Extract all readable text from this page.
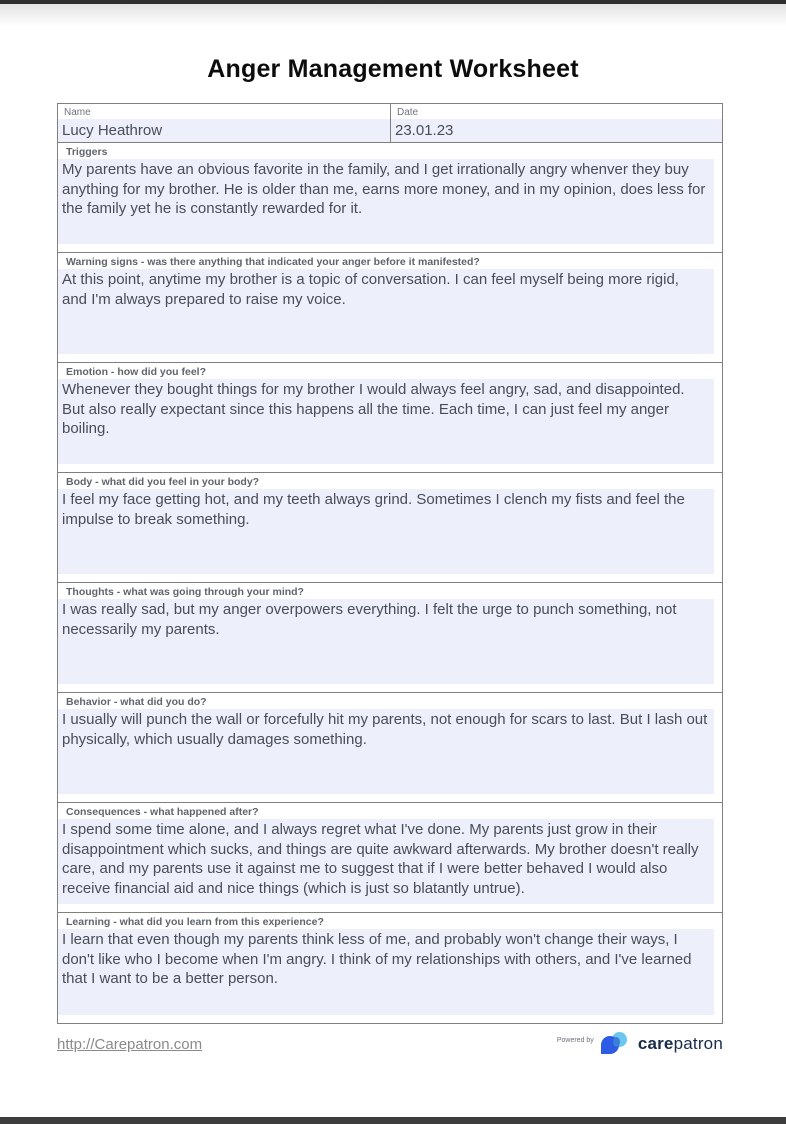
Anger Management Worksheet
Name
Lucy Heathrow
Date
23.01.23
Triggers
My parents have an obvious favorite in the family, and I get irrationally angry whenver they buy anything for my brother. He is older than me, earns more money, and in my opinion, does less for the family yet he is constantly rewarded for it.
Warning signs - was there anything that indicated your anger before it manifested?
At this point, anytime my brother is a topic of conversation. I can feel myself being more rigid, and I'm always prepared to raise my voice.
Emotion - how did you feel?
Whenever they bought things for my brother I would always feel angry, sad, and disappointed. But also really expectant since this happens all the time. Each time, I can just feel my anger boiling.
Body - what did you feel in your body?
I feel my face getting hot, and my teeth always grind. Sometimes I clench my fists and feel the impulse to break something.
Thoughts - what was going through your mind?
I was really sad, but my anger overpowers everything. I felt the urge to punch something, not necessarily my parents.
Behavior - what did you do?
I usually will punch the wall or forcefully hit my parents, not enough for scars to last. But I lash out physically, which usually damages something.
Consequences - what happened after?
I spend some time alone, and I always regret what I've done. My parents just grow in their disappointment which sucks, and things are quite awkward afterwards. My brother doesn't really care, and my parents use it against me to suggest that if I were better behaved I would also receive financial aid and nice things (which is just so blatantly untrue).
Learning - what did you learn from this experience?
I learn that even though my parents think less of me, and probably won't change their ways, I don't like who I become when I'm angry. I think of my relationships with others, and I've learned that I want to be a better person.
http://Carepatron.com	Powered by	carepatron
